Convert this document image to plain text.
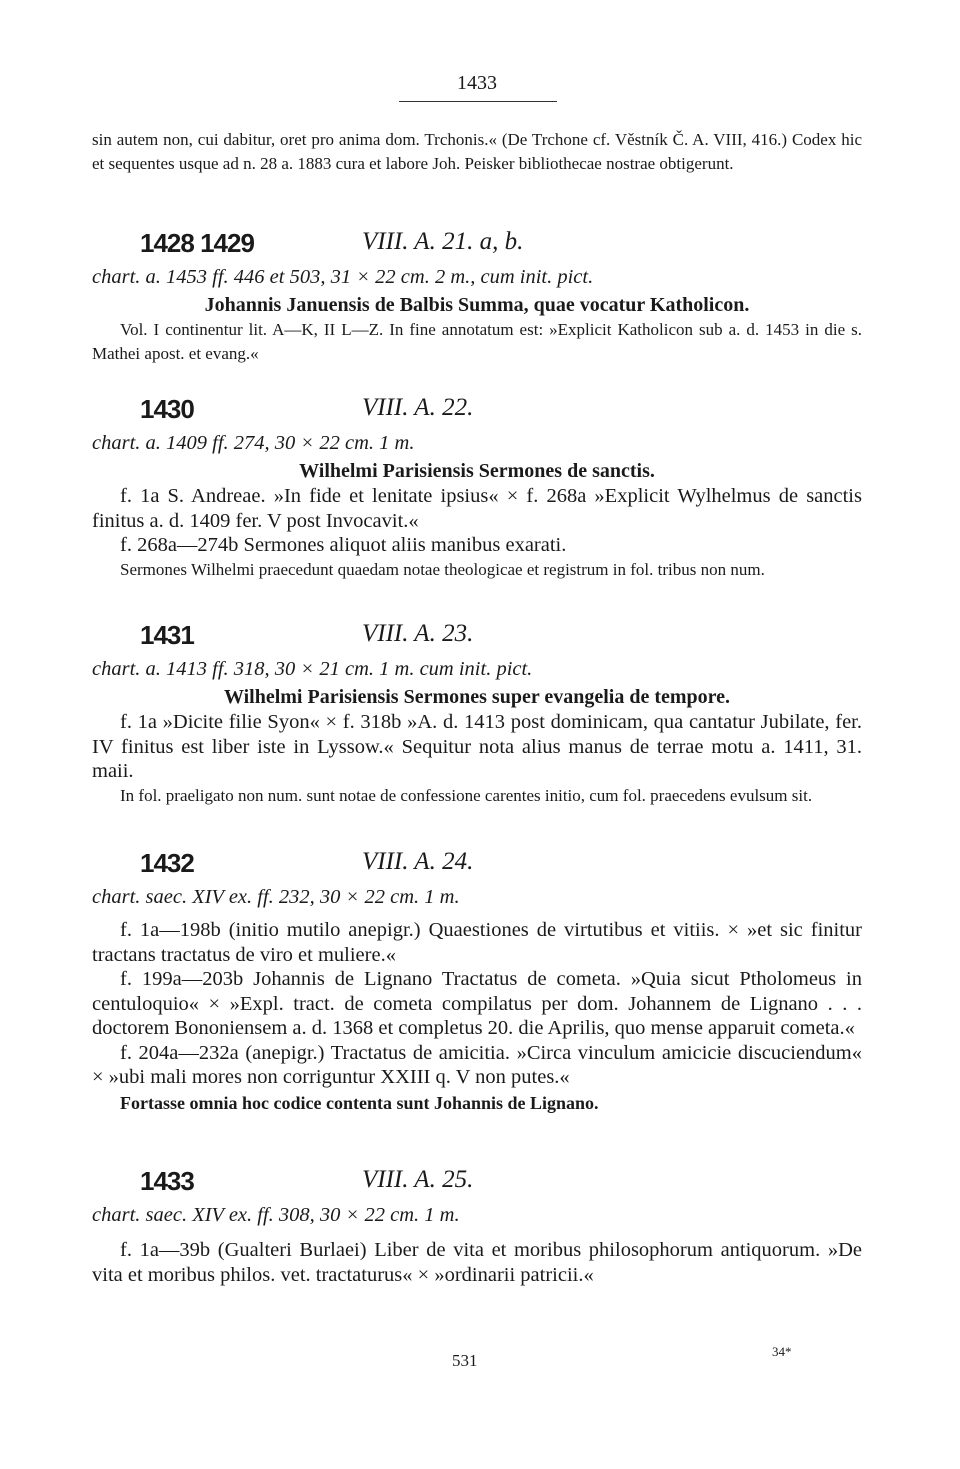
1433

sin autem non, cui dabitur, oret pro anima dom. Trchonis.« (De Trchone cf. Věstník Č. A. VIII, 416.) Codex hic et sequentes usque ad n. 28 a. 1883 cura et labore Joh. Peisker bibliothecae nostrae obtigerunt.

1428 1429	VIII. A. 21. a, b.

chart. a. 1453 ff. 446 et 503, 31 × 22 cm. 2 m., cum init. pict.

Johannis Januensis de Balbis Summa, quae vocatur Katholicon.

Vol. I continentur lit. A—K, II L—Z. In fine annotatum est: »Explicit Katholicon sub a. d. 1453 in die s. Mathei apost. et evang.«

1430	VIII. A. 22.

chart. a. 1409 ff. 274, 30 × 22 cm. 1 m.

Wilhelmi Parisiensis Sermones de sanctis.

f. 1a S. Andreae. »In fide et lenitate ipsius« × f. 268a »Explicit Wylhelmus de sanctis finitus a. d. 1409 fer. V post Invocavit.«

f. 268a—274b Sermones aliquot aliis manibus exarati.

Sermones Wilhelmi praecedunt quaedam notae theologicae et registrum in fol. tribus non num.

1431	VIII. A. 23.

chart. a. 1413 ff. 318, 30 × 21 cm. 1 m. cum init. pict.

Wilhelmi Parisiensis Sermones super evangelia de tempore.

f. 1a »Dicite filie Syon« × f. 318b »A. d. 1413 post dominicam, qua cantatur Jubilate, fer. IV finitus est liber iste in Lyssow.« Sequitur nota alius manus de terrae motu a. 1411, 31. maii.

In fol. praeligato non num. sunt notae de confessione carentes initio, cum fol. praecedens evulsum sit.

1432	VIII. A. 24.

chart. saec. XIV ex. ff. 232, 30 × 22 cm. 1 m.

f. 1a—198b (initio mutilo anepigr.) Quaestiones de virtutibus et vitiis. × »et sic finitur tractans tractatus de viro et muliere.«

f. 199a—203b Johannis de Lignano Tractatus de cometa. »Quia sicut Ptholomeus in centuloquio« × »Expl. tract. de cometa compilatus per dom. Johannem de Lignano . . . doctorem Bononiensem a. d. 1368 et completus 20. die Aprilis, quo mense apparuit cometa.«

f. 204a—232a (anepigr.) Tractatus de amicitia. »Circa vinculum amicicie discuciendum« × »ubi mali mores non corriguntur XXIII q. V non putes.«

Fortasse omnia hoc codice contenta sunt Johannis de Lignano.

1433	VIII. A. 25.

chart. saec. XIV ex. ff. 308, 30 × 22 cm. 1 m.

f. 1a—39b (Gualteri Burlaei) Liber de vita et moribus philosophorum antiquorum. »De vita et moribus philos. vet. tractaturus« × »ordinarii patricii.«

531	34*
